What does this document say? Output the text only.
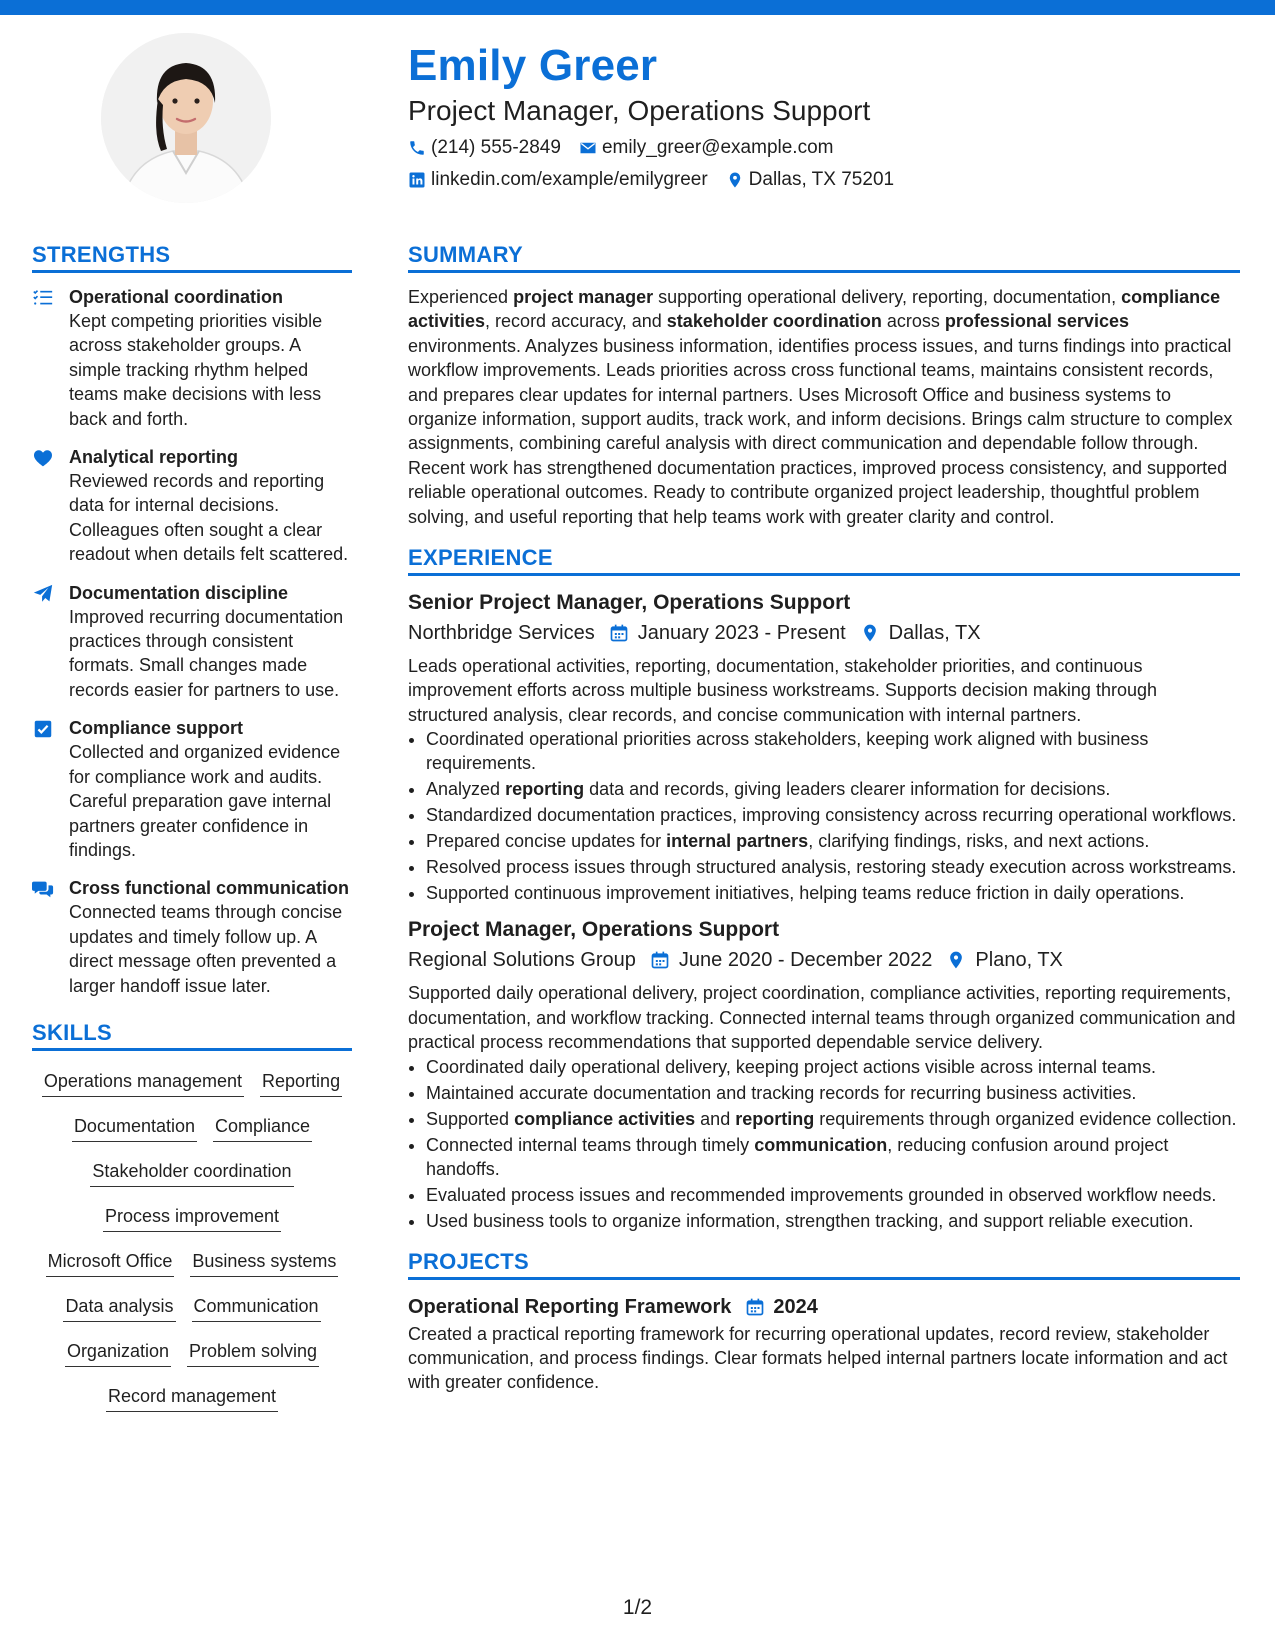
Emily Greer
Project Manager, Operations Support
(214) 555-2849 emily_greer@example.com
linkedin.com/example/emilygreer Dallas, TX 75201
STRENGTHS
Operational coordination
Kept competing priorities visible across stakeholder groups. A simple tracking rhythm helped teams make decisions with less back and forth.
Analytical reporting
Reviewed records and reporting data for internal decisions. Colleagues often sought a clear readout when details felt scattered.
Documentation discipline
Improved recurring documentation practices through consistent formats. Small changes made records easier for partners to use.
Compliance support
Collected and organized evidence for compliance work and audits. Careful preparation gave internal partners greater confidence in findings.
Cross functional communication
Connected teams through concise updates and timely follow up. A direct message often prevented a larger handoff issue later.
SKILLS
Operations management Reporting
Documentation Compliance
Stakeholder coordination
Process improvement
Microsoft Office Business systems
Data analysis Communication
Organization Problem solving
Record management
SUMMARY

Experienced project manager supporting operational delivery, reporting, documentation, compliance activities, record accuracy, and stakeholder coordination across professional services environments. Analyzes business information, identifies process issues, and turns findings into practical workflow improvements. Leads priorities across cross functional teams, maintains consistent records, and prepares clear updates for internal partners. Uses Microsoft Office and business systems to organize information, support audits, track work, and inform decisions. Brings calm structure to complex assignments, combining careful analysis with direct communication and dependable follow through. Recent work has strengthened documentation practices, improved process consistency, and supported reliable operational outcomes. Ready to contribute organized project leadership, thoughtful problem solving, and useful reporting that help teams work with greater clarity and control.

EXPERIENCE
Senior Project Manager, Operations Support
Northbridge Services January 2023 - Present Dallas, TX

Leads operational activities, reporting, documentation, stakeholder priorities, and continuous improvement efforts across multiple business workstreams. Supports decision making through structured analysis, clear records, and concise communication with internal partners.

• Coordinated operational priorities across stakeholders, keeping work aligned with business requirements.
• Analyzed reporting data and records, giving leaders clearer information for decisions.
• Standardized documentation practices, improving consistency across recurring operational workflows.
• Prepared concise updates for internal partners, clarifying findings, risks, and next actions.
• Resolved process issues through structured analysis, restoring steady execution across workstreams.
• Supported continuous improvement initiatives, helping teams reduce friction in daily operations.
Project Manager, Operations Support
Regional Solutions Group June 2020 - December 2022 Plano, TX

Supported daily operational delivery, project coordination, compliance activities, reporting requirements, documentation, and workflow tracking. Connected internal teams through organized communication and practical process recommendations that supported dependable service delivery.

• Coordinated daily operational delivery, keeping project actions visible across internal teams.
• Maintained accurate documentation and tracking records for recurring business activities.
• Supported compliance activities and reporting requirements through organized evidence collection.
• Connected internal teams through timely communication, reducing confusion around project handoffs.
• Evaluated process issues and recommended improvements grounded in observed workflow needs.
• Used business tools to organize information, strengthen tracking, and support reliable execution.
PROJECTS
Operational Reporting Framework 2024

Created a practical reporting framework for recurring operational updates, record review, stakeholder communication, and process findings. Clear formats helped internal partners locate information and act with greater confidence.

1/2
